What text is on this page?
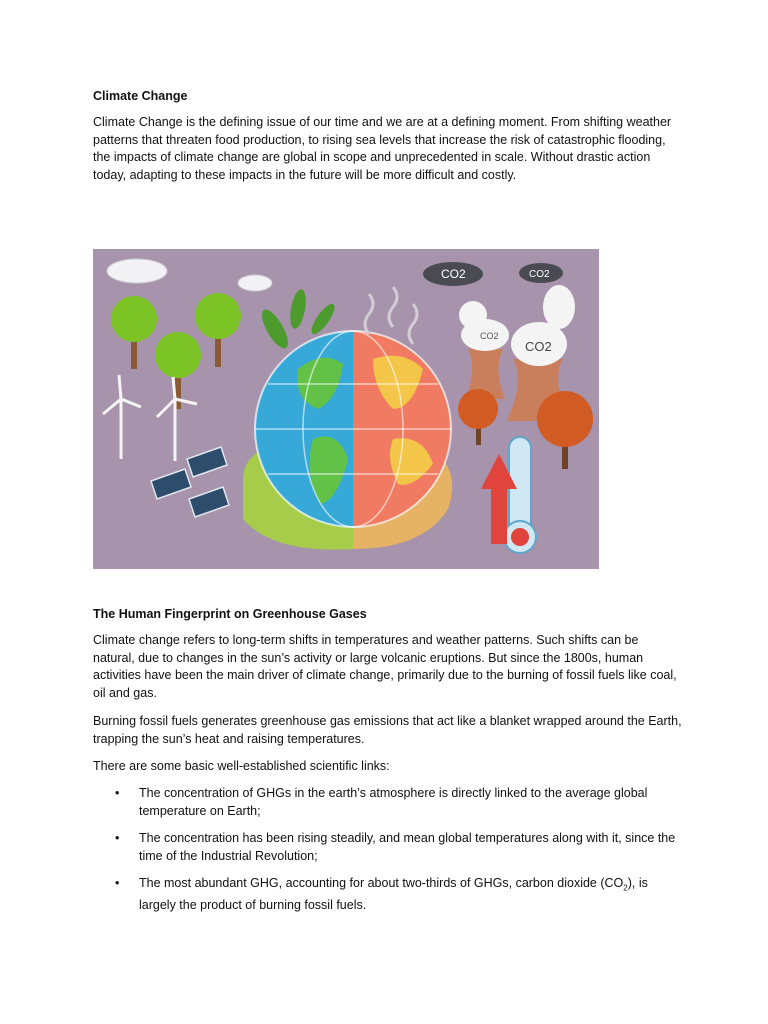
Climate Change

Climate Change is the defining issue of our time and we are at a defining moment. From shifting weather patterns that threaten food production, to rising sea levels that increase the risk of catastrophic flooding, the impacts of climate change are global in scope and unprecedented in scale. Without drastic action today, adapting to these impacts in the future will be more difficult and costly.

CO2	CO2
CO2
CO2

The Human Fingerprint on Greenhouse Gases

Climate change refers to long-term shifts in temperatures and weather patterns. Such shifts can be natural, due to changes in the sun’s activity or large volcanic eruptions. But since the 1800s, human activities have been the main driver of climate change, primarily due to the burning of fossil fuels like coal, oil and gas.

Burning fossil fuels generates greenhouse gas emissions that act like a blanket wrapped around the Earth, trapping the sun’s heat and raising temperatures.

There are some basic well-established scientific links:

• The concentration of GHGs in the earth’s atmosphere is directly linked to the average global temperature on Earth;
• The concentration has been rising steadily, and mean global temperatures along with it, since the time of the Industrial Revolution;
• The most abundant GHG, accounting for about two-thirds of GHGs, carbon dioxide $(CO_2)$, is largely the product of burning fossil fuels.
